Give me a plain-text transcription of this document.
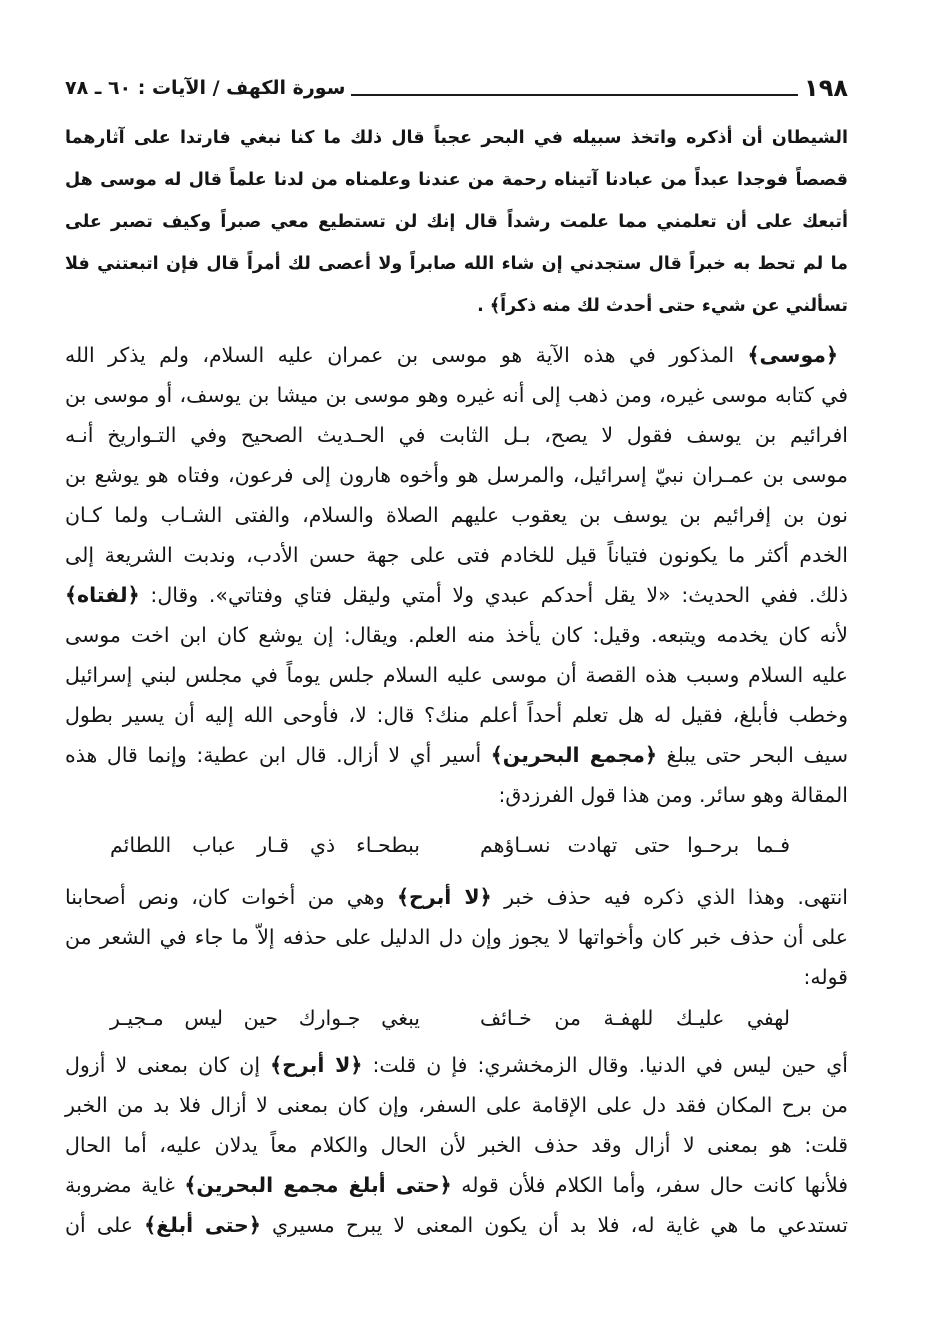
١٩٨
سورة الكهف / الآيات : ٦٠ ـ ٧٨
الشيطان أن أذكره واتخذ سبيله في البحر عجباً قال ذلك ما كنا نبغي فارتدا على آثارهما
قصصاً فوجدا عبداً من عبادنا آتيناه رحمة من عندنا وعلمناه من لدنا علماً قال له موسى هل
أتبعك على أن تعلمني مما علمت رشداً قال إنك لن تستطيع معي صبراً وكيف تصبر على
ما لم تحط به خبراً قال ستجدني إن شاء الله صابراً ولا أعصى لك أمراً قال فإن اتبعتني فلا
تسألني عن شيء حتى أحدث لك منه ذكراً﴾ .
﴿موسى﴾ المذكور في هذه الآية هو موسى بن عمران عليه السلام، ولم يذكر الله
في كتابه موسى غيره، ومن ذهب إلى أنه غيره وهو موسى بن ميشا بن يوسف، أو موسى بن
افرائيم بن يوسف فقول لا يصح، بـل الثابت في الحـديث الصحيح وفي التـواريخ أنـه
موسى بن عمـران نبيّ إسرائيل، والمرسل هو وأخوه هارون إلى فرعون، وفتاه هو يوشع بن
نون بن إفرائيم بن يوسف بن يعقوب عليهم الصلاة والسلام، والفتى الشـاب ولما كـان
الخدم أكثر ما يكونون فتياناً قيل للخادم فتى على جهة حسن الأدب، وندبت الشريعة إلى
ذلك. ففي الحديث: «لا يقل أحدكم عبدي ولا أمتي وليقل فتاي وفتاتي». وقال: ﴿لفتاه﴾
لأنه كان يخدمه ويتبعه. وقيل: كان يأخذ منه العلم. ويقال: إن يوشع كان ابن اخت موسى
عليه السلام وسبب هذه القصة أن موسى عليه السلام جلس يوماً في مجلس لبني إسرائيل
وخطب فأبلغ، فقيل له هل تعلم أحداً أعلم منك؟ قال: لا، فأوحى الله إليه أن يسير بطول
سيف البحر حتى يبلغ ﴿مجمع البحرين﴾ أسير أي لا أزال. قال ابن عطية: وإنما قال هذه
المقالة وهو سائر. ومن هذا قول الفرزدق:
فـما برحـوا حتى تهادت نسـاؤهم
ببطحـاء ذي قـار عباب اللطائم
انتهى. وهذا الذي ذكره فيه حذف خبر ﴿لا أبرح﴾ وهي من أخوات كان، ونص أصحابنا
على أن حذف خبر كان وأخواتها لا يجوز وإن دل الدليل على حذفه إلاّ ما جاء في الشعر من
قوله:
لهفي عليـك للهفـة من خـائف
يبغي جـوارك حين ليس مـجيـر
أي حين ليس في الدنيا. وقال الزمخشري: فإ ن قلت: ﴿لا أبرح﴾ إن كان بمعنى لا أزول
من برح المكان فقد دل على الإقامة على السفر، وإن كان بمعنى لا أزال فلا بد من الخبر
قلت: هو بمعنى لا أزال وقد حذف الخبر لأن الحال والكلام معاً يدلان عليه، أما الحال
فلأنها كانت حال سفر، وأما الكلام فلأن قوله ﴿حتى أبلغ مجمع البحرين﴾ غاية مضروبة
تستدعي ما هي غاية له، فلا بد أن يكون المعنى لا يبرح مسيري ﴿حتى أبلغ﴾ على أن
